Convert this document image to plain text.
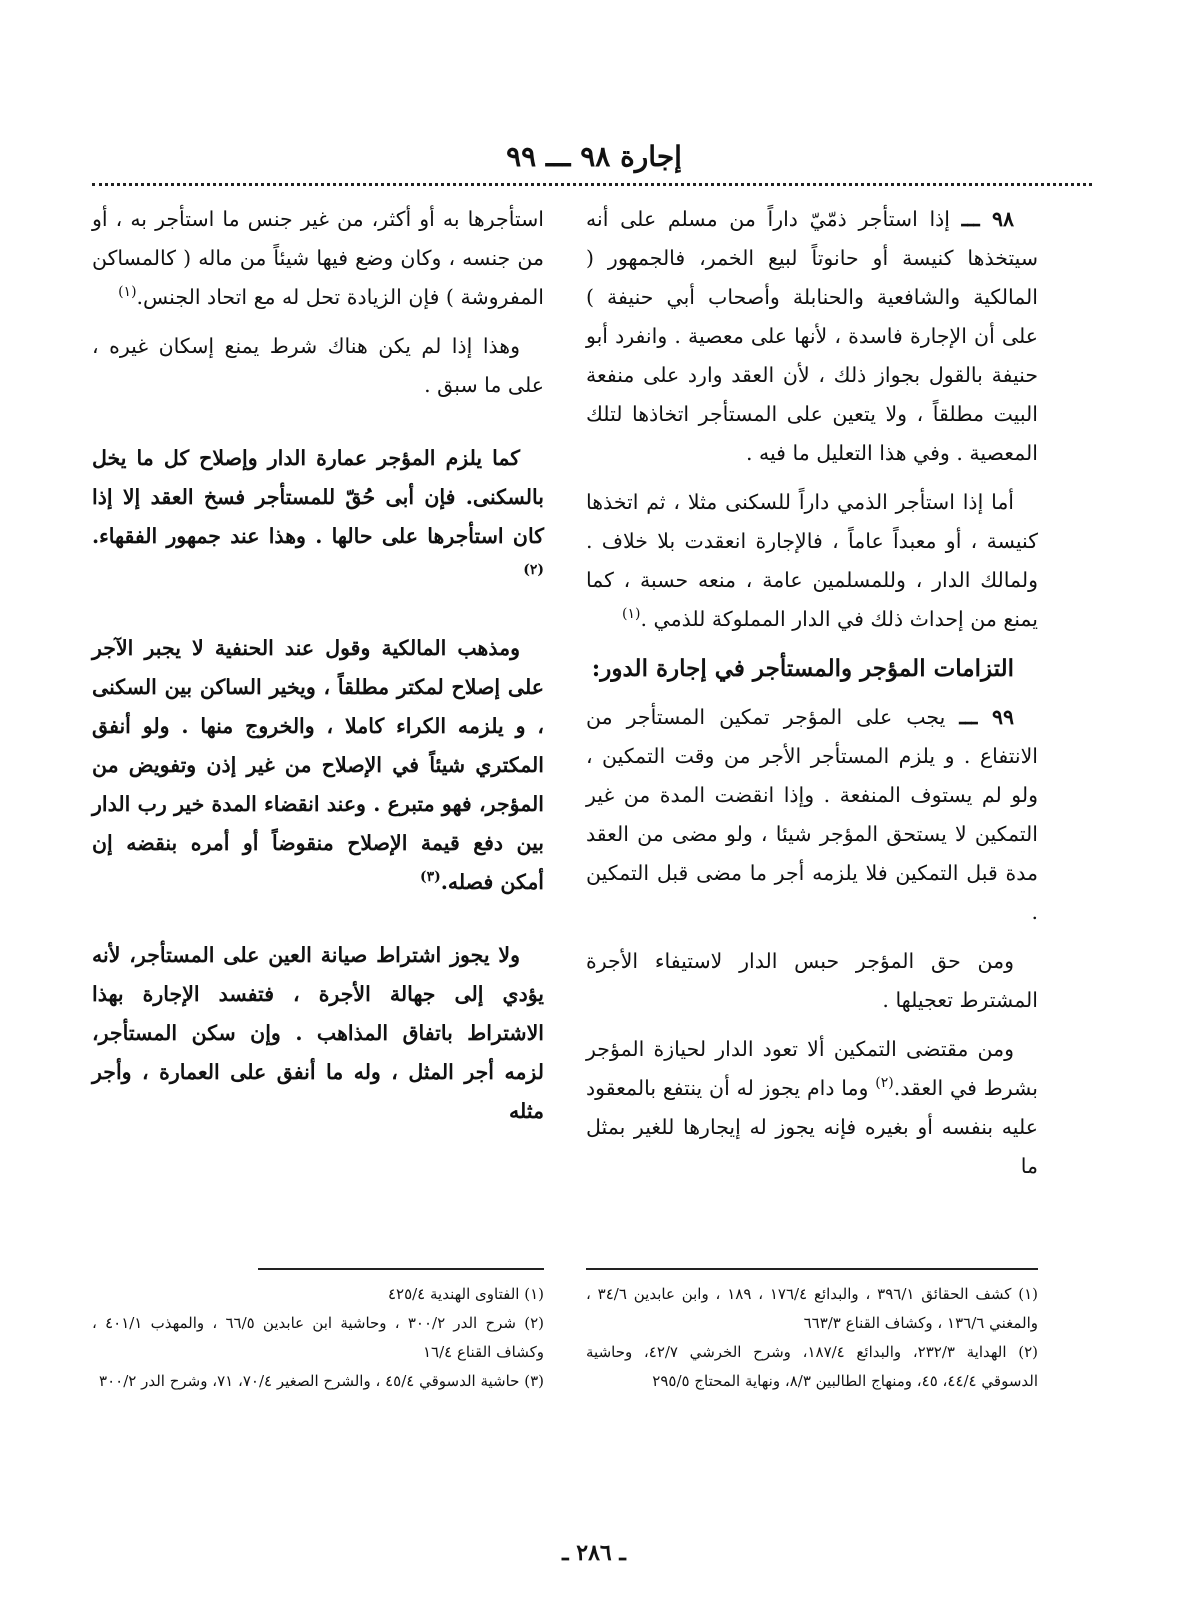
إجارة ٩٨ ـــ ٩٩

٩٨ ـــ إذا استأجر ذمّيّ داراً من مسلم على أنه سيتخذها كنيسة أو حانوتاً لبيع الخمر، فالجمهور ( المالكية والشافعية والحنابلة وأصحاب أبي حنيفة ) على أن الإجارة فاسدة ، لأنها على معصية . وانفرد أبو حنيفة بالقول بجواز ذلك ، لأن العقد وارد على منفعة البيت مطلقاً ، ولا يتعين على المستأجر اتخاذها لتلك المعصية . وفي هذا التعليل ما فيه .

أما إذا استأجر الذمي داراً للسكنى مثلا ، ثم اتخذها كنيسة ، أو معبداً عاماً ، فالإجارة انعقدت بلا خلاف . ولمالك الدار ، وللمسلمين عامة ، منعه حسبة ، كما يمنع من إحداث ذلك في الدار المملوكة للذمي .$^{(١)}$

التزامات المؤجر والمستأجر في إجارة الدور:

٩٩ ـــ يجب على المؤجر تمكين المستأجر من الانتفاع . و يلزم المستأجر الأجر من وقت التمكين ، ولو لم يستوف المنفعة . وإذا انقضت المدة من غير التمكين لا يستحق المؤجر شيئا ، ولو مضى من العقد مدة قبل التمكين فلا يلزمه أجر ما مضى قبل التمكين .

ومن حق المؤجر حبس الدار لاستيفاء الأجرة المشترط تعجيلها .

ومن مقتضى التمكين ألا تعود الدار لحيازة المؤجر بشرط في العقد.$^{(٢)}$ وما دام يجوز له أن ينتفع بالمعقود عليه بنفسه أو بغيره فإنه يجوز له إيجارها للغير بمثل ما

استأجرها به أو أكثر، من غير جنس ما استأجر به ، أو من جنسه ، وكان وضع فيها شيئاً من ماله ( كالمساكن المفروشة ) فإن الزيادة تحل له مع اتحاد الجنس.$^{(١)}$

وهذا إذا لم يكن هناك شرط يمنع إسكان غيره ، على ما سبق .

كما يلزم المؤجر عمارة الدار وإصلاح كل ما يخل بالسكنى. فإن أبى حُقّ للمستأجر فسخ العقد إلا إذا كان استأجرها على حالها . وهذا عند جمهور الفقهاء.$^{(٢)}$

ومذهب المالكية وقول عند الحنفية لا يجبر الآجر على إصلاح لمكتر مطلقاً ، ويخير الساكن بين السكنى ، و يلزمه الكراء كاملا ، والخروج منها . ولو أنفق المكتري شيئاً في الإصلاح من غير إذن وتفويض من المؤجر، فهو متبرع . وعند انقضاء المدة خير رب الدار بين دفع قيمة الإصلاح منقوضاً أو أمره بنقضه إن أمكن فصله.$^{(٣)}$

ولا يجوز اشتراط صيانة العين على المستأجر، لأنه يؤدي إلى جهالة الأجرة ، فتفسد الإجارة بهذا الاشتراط باتفاق المذاهب . وإن سكن المستأجر، لزمه أجر المثل ، وله ما أنفق على العمارة ، وأجر مثله

(١) كشف الحقائق ٣٩٦/١ ، والبدائع ١٧٦/٤ ، ١٨٩ ، وابن عابدين ٣٤/٦ ، والمغني ١٣٦/٦ ، وكشاف القناع ٦٦٣/٣
(٢) الهداية ٢٣٢/٣، والبدائع ١٨٧/٤، وشرح الخرشي ٤٢/٧، وحاشية الدسوقي ٤٤/٤، ٤٥، ومنهاج الطالبين ٨/٣، ونهاية المحتاج ٢٩٥/٥
(١) الفتاوى الهندية ٤٢٥/٤
(٢) شرح الدر ٣٠٠/٢ ، وحاشية ابن عابدين ٦٦/٥ ، والمهذب ٤٠١/١ ، وكشاف القناع ١٦/٤
(٣) حاشية الدسوقي ٤٥/٤ ، والشرح الصغير ٧٠/٤، ٧١، وشرح الدر ٣٠٠/٢
ـ ٢٨٦ ـ
